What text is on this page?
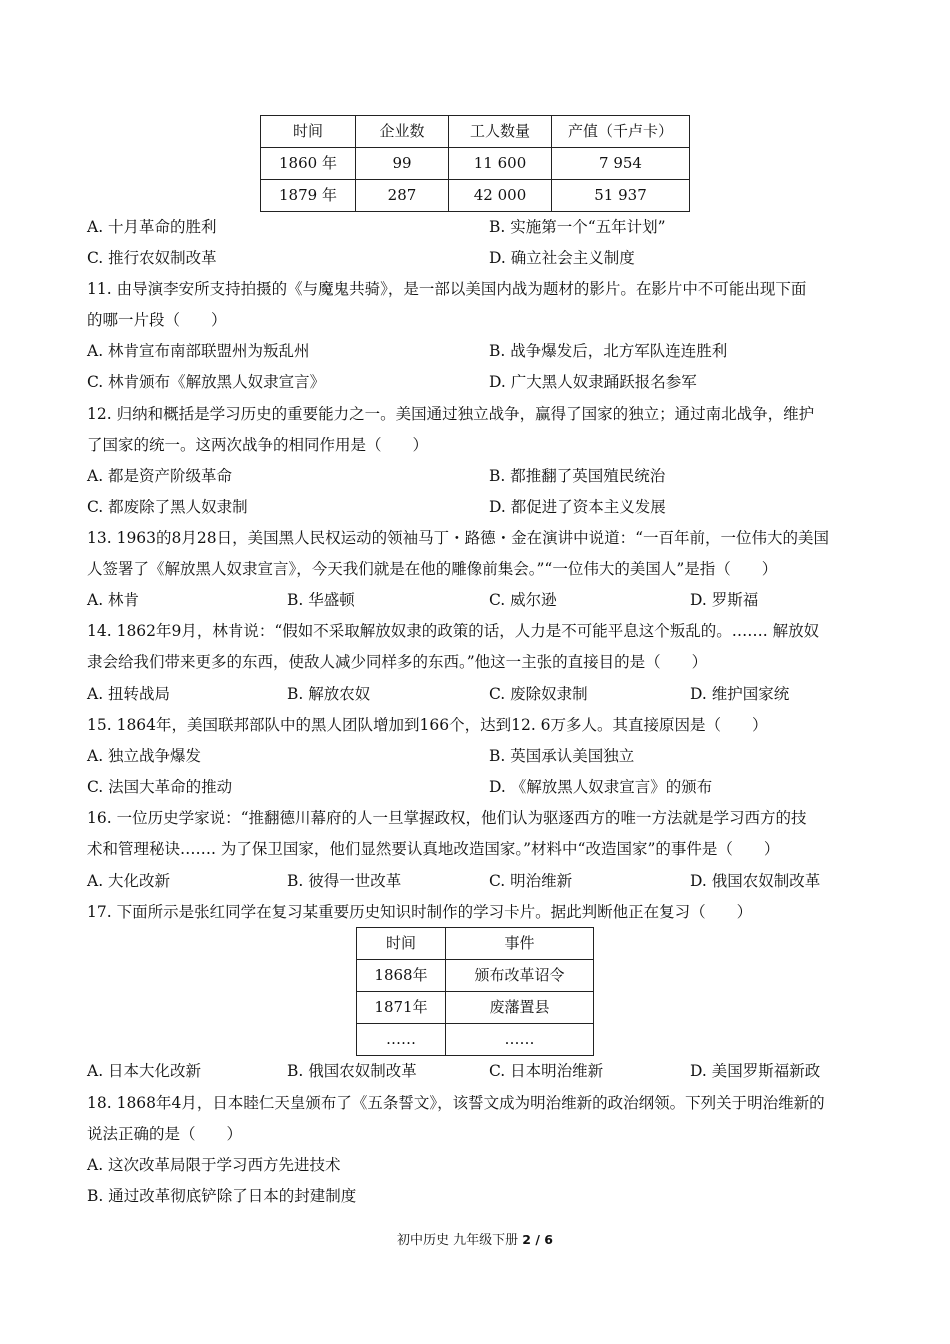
时间	企业数	工人数量	产值（千卢卡）
1860 年	99	11 600	7 954
1879 年	287	42 000	51 937
A. 十月革命的胜利	B. 实施第一个“五年计划”
C. 推行农奴制改革	D. 确立社会主义制度
11. 由导演李安所支持拍摄的《与魔鬼共骑》，是一部以美国内战为题材的影片。在影片中不可能出现下面
的哪一片段（　　）
A. 林肯宣布南部联盟州为叛乱州	B. 战争爆发后，北方军队连连胜利
C. 林肯颁布《解放黑人奴隶宣言》	D. 广大黑人奴隶踊跃报名参军
12. 归纳和概括是学习历史的重要能力之一。美国通过独立战争，赢得了国家的独立；通过南北战争，维护
了国家的统一。这两次战争的相同作用是（　　）
A. 都是资产阶级革命	B. 都推翻了英国殖民统治
C. 都废除了黑人奴隶制	D. 都促进了资本主义发展
13. 1963的8月28日，美国黑人民权运动的领袖马丁・路德・金在演讲中说道：“一百年前，一位伟大的美国
人签署了《解放黑人奴隶宣言》，今天我们就是在他的雕像前集会。”“一位伟大的美国人”是指（　　）
A. 林肯	B. 华盛顿	C. 威尔逊	D. 罗斯福
14. 1862年9月，林肯说：“假如不采取解放奴隶的政策的话，人力是不可能平息这个叛乱的。……. 解放奴
隶会给我们带来更多的东西，使敌人减少同样多的东西。”他这一主张的直接目的是（　　）
A. 扭转战局	B. 解放农奴	C. 废除奴隶制	D. 维护国家统
15. 1864年，美国联邦部队中的黑人团队增加到166个，达到12. 6万多人。其直接原因是（　　）
A. 独立战争爆发	B. 英国承认美国独立
C. 法国大革命的推动	D. 《解放黑人奴隶宣言》的颁布
16. 一位历史学家说：“推翻德川幕府的人一旦掌握政权，他们认为驱逐西方的唯一方法就是学习西方的技
术和管理秘诀……. 为了保卫国家，他们显然要认真地改造国家。”材料中“改造国家”的事件是（　　）
A. 大化改新	B. 彼得一世改革	C. 明治维新	D. 俄国农奴制改革
17. 下面所示是张红同学在复习某重要历史知识时制作的学习卡片。据此判断他正在复习（　　）
时间	事件
1868年	颁布改革诏令
1871年	废藩置县
……	……
A. 日本大化改新	B. 俄国农奴制改革	C. 日本明治维新	D. 美国罗斯福新政
18. 1868年4月，日本睦仁天皇颁布了《五条誓文》，该誓文成为明治维新的政治纲领。下列关于明治维新的
说法正确的是（　　）
A. 这次改革局限于学习西方先进技术
B. 通过改革彻底铲除了日本的封建制度
初中历史 九年级下册 2 / 6
